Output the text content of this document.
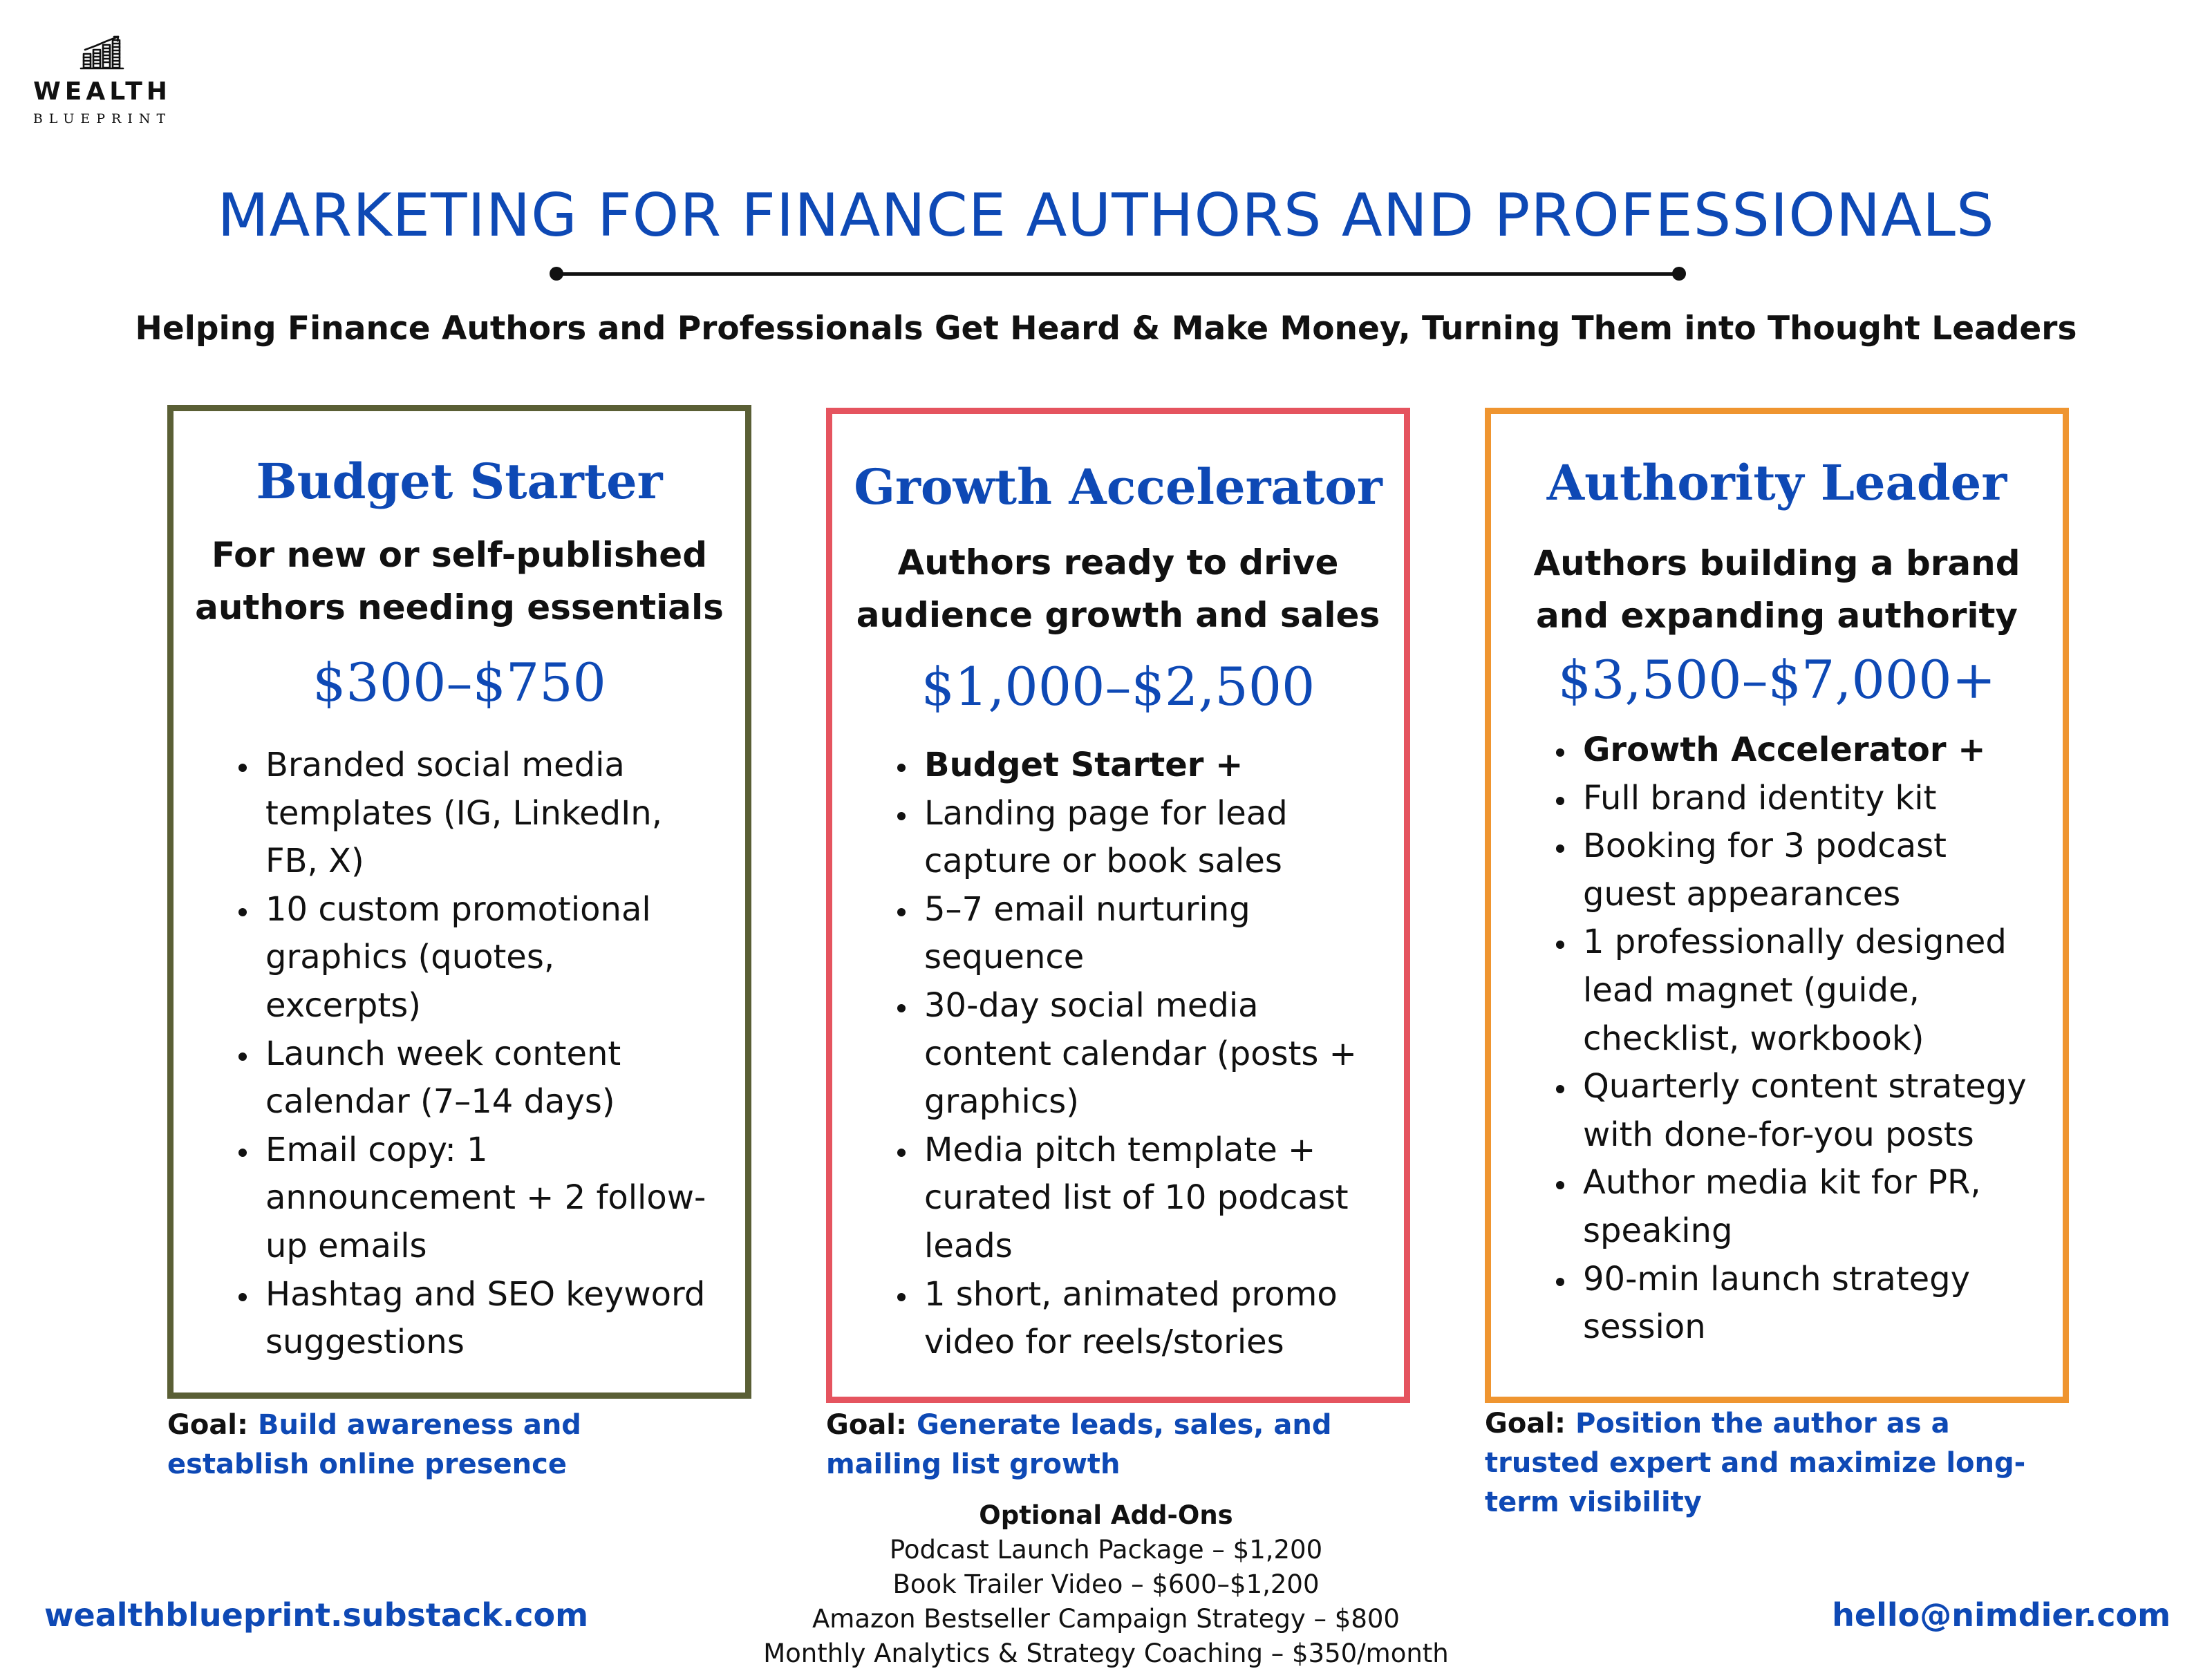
WEALTH
BLUEPRINT
MARKETING FOR FINANCE AUTHORS AND PROFESSIONALS
Helping Finance Authors and Professionals Get Heard & Make Money, Turning Them into Thought Leaders
Budget Starter
For new or self-published authors needing essentials
$300–$750
• Branded social media templates (IG, LinkedIn, FB, X)
• 10 custom promotional graphics (quotes, excerpts)
• Launch week content calendar (7–14 days)
• Email copy: 1 announcement + 2 follow-up emails
• Hashtag and SEO keyword suggestions
Growth Accelerator
Authors ready to drive audience growth and sales
$1,000–$2,500
• Budget Starter +
• Landing page for lead capture or book sales
• 5–7 email nurturing sequence
• 30-day social media content calendar (posts + graphics)
• Media pitch template + curated list of 10 podcast leads
• 1 short, animated promo video for reels/stories
Authority Leader
Authors building a brand and expanding authority
$3,500–$7,000+
• Growth Accelerator +
• Full brand identity kit
• Booking for 3 podcast guest appearances
• 1 professionally designed lead magnet (guide, checklist, workbook)
• Quarterly content strategy with done-for-you posts
• Author media kit for PR, speaking
• 90-min launch strategy session
Goal: Build awareness and establish online presence
Goal: Generate leads, sales, and mailing list growth
Goal: Position the author as a trusted expert and maximize long-term visibility
Optional Add-Ons
Podcast Launch Package – $1,200
Book Trailer Video – $600–$1,200
Amazon Bestseller Campaign Strategy – $800
Monthly Analytics & Strategy Coaching – $350/month
wealthblueprint.substack.com	hello@nimdier.com
